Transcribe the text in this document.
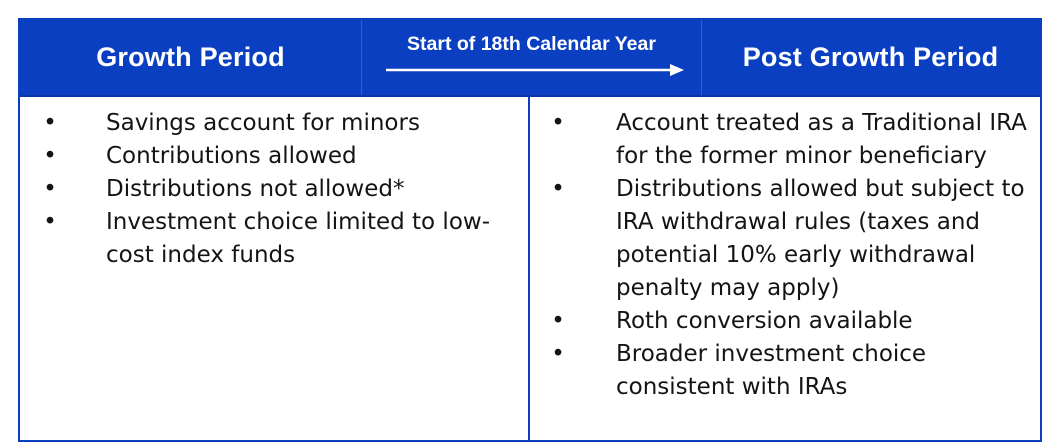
Growth Period	Start of 18th Calendar Year	Post Growth Period
• Savings account for minors
• Contributions allowed
• Distributions not allowed*
• Investment choice limited to low-cost index funds
• Account treated as a Traditional IRA for the former minor beneficiary
• Distributions allowed but subject to IRA withdrawal rules (taxes and potential 10% early withdrawal penalty may apply)
• Roth conversion available
• Broader investment choice consistent with IRAs
